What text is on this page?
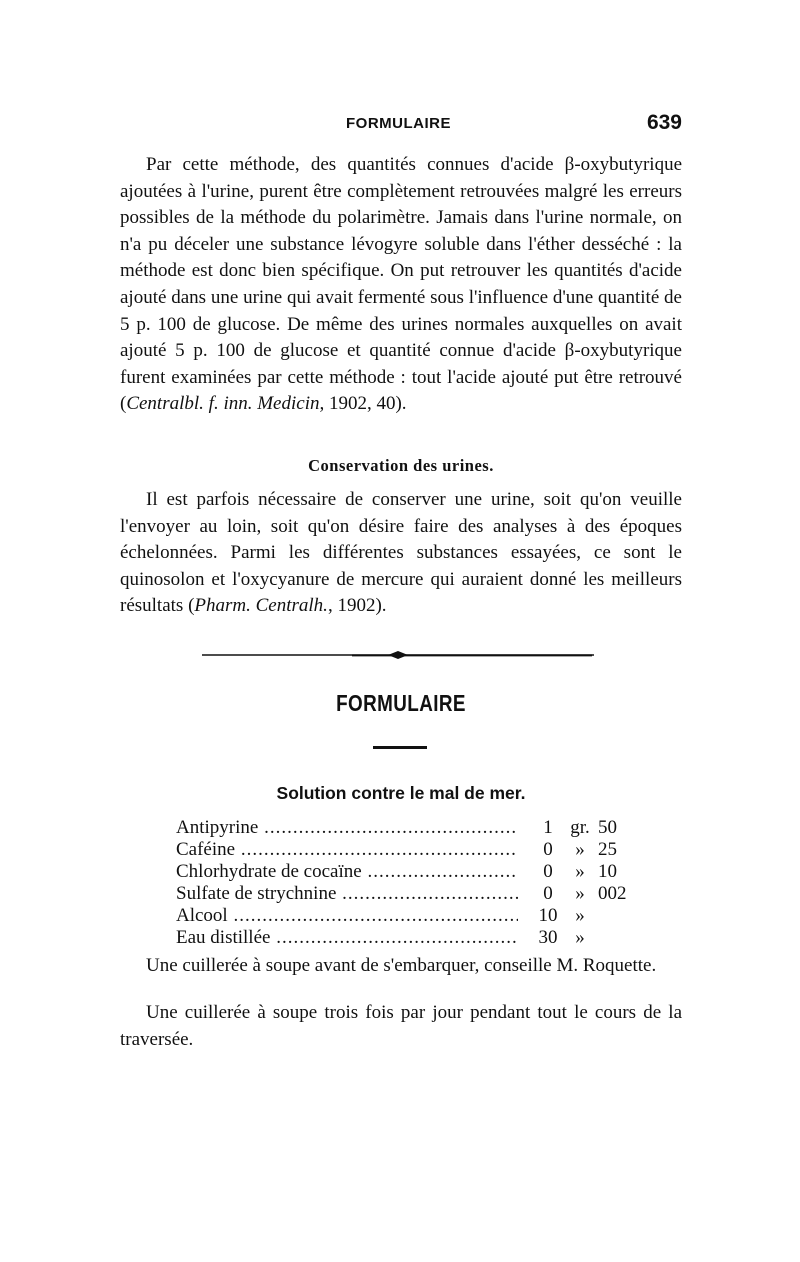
FORMULAIRE	639

Par cette méthode, des quantités connues d'acide β-oxybutyrique ajoutées à l'urine, purent être complètement retrouvées malgré les erreurs possibles de la méthode du polarimètre. Jamais dans l'urine normale, on n'a pu déceler une substance lévogyre soluble dans l'éther desséché : la méthode est donc bien spécifique. On put retrouver les quantités d'acide ajouté dans une urine qui avait fermenté sous l'influence d'une quantité de 5 p. 100 de glucose. De même des urines normales auxquelles on avait ajouté 5 p. 100 de glucose et quantité connue d'acide β-oxybutyrique furent examinées par cette méthode : tout l'acide ajouté put être retrouvé (Centralbl. f. inn. Medicin, 1902, 40).

Conservation des urines.

Il est parfois nécessaire de conserver une urine, soit qu'on veuille l'envoyer au loin, soit qu'on désire faire des analyses à des époques échelonnées. Parmi les différentes substances essayées, ce sont le quinosolon et l'oxycyanure de mercure qui auraient donné les meilleurs résultats (Pharm. Centralh., 1902).

FORMULAIRE
Solution contre le mal de mer.
Antipyrine .....	1 gr. 50
Caféine .....	0	» 25
Chlorhydrate de cocaïne .....	0	» 10
Sulfate de strychnine .....	0	» 002
Alcool .....	10 »
Eau distillée .....	30 »

Une cuillerée à soupe avant de s'embarquer, conseille M. Roquette.

Une cuillerée à soupe trois fois par jour pendant tout le cours de la traversée.
